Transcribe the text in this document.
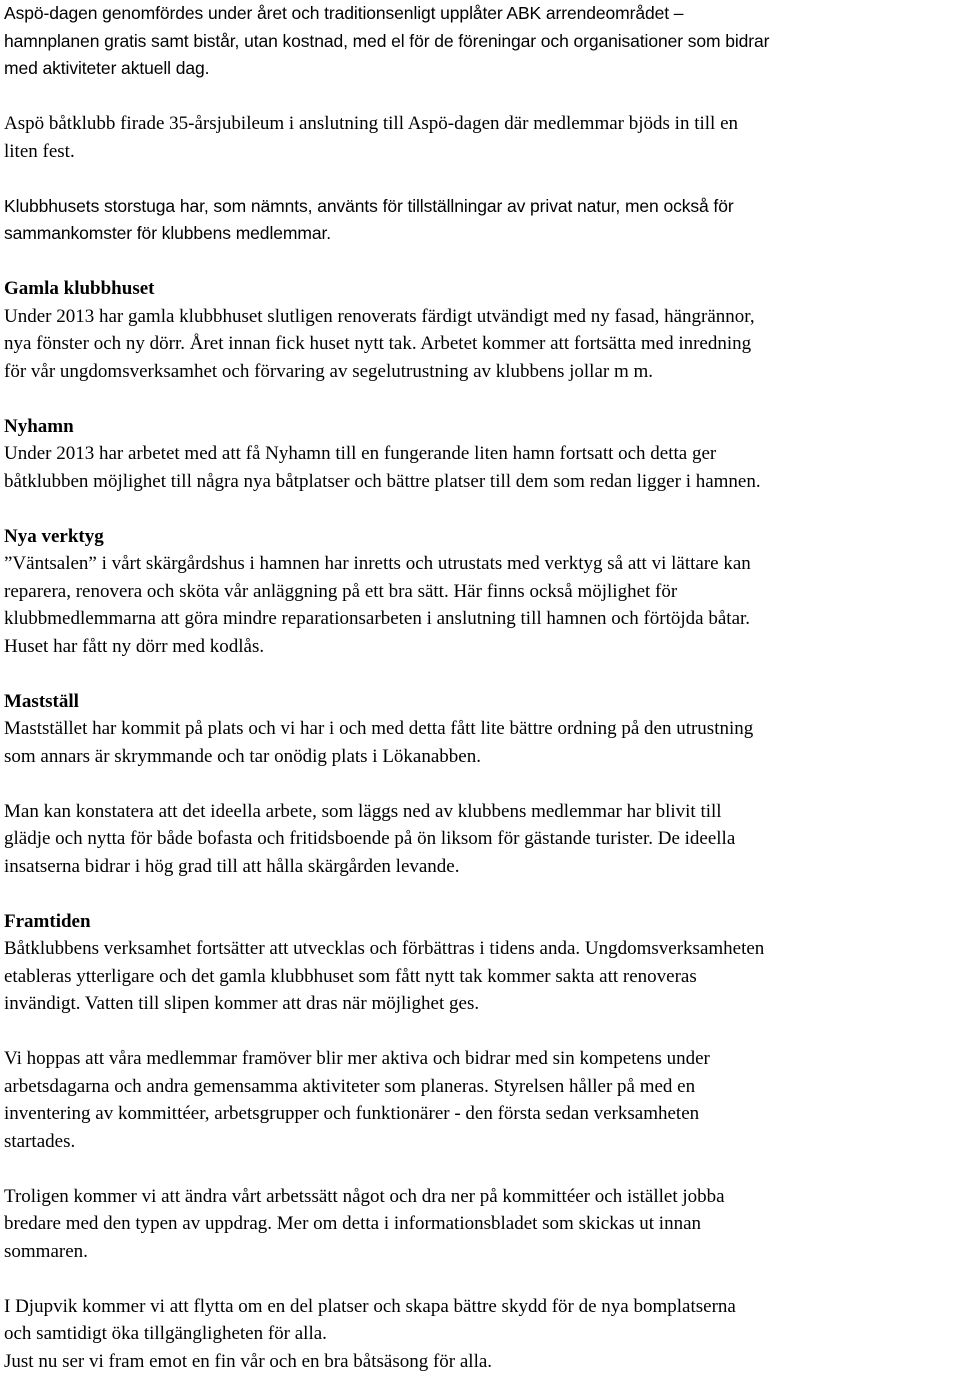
Aspö-dagen genomfördes under året och traditionsenligt upplåter ABK arrendeområdet –
hamnplanen gratis samt bistår, utan kostnad, med el för de föreningar och organisationer som bidrar
med aktiviteter aktuell dag.
Aspö båtklubb firade 35-årsjubileum i anslutning till Aspö-dagen där medlemmar bjöds in till en
liten fest.
Klubbhusets storstuga har, som nämnts, använts för tillställningar av privat natur, men också för
sammankomster för klubbens medlemmar.
Gamla klubbhuset
Under 2013 har gamla klubbhuset slutligen renoverats färdigt utvändigt med ny fasad, hängrännor,
nya fönster och ny dörr. Året innan fick huset nytt tak. Arbetet kommer att fortsätta med inredning
för vår ungdomsverksamhet och förvaring av segelutrustning av klubbens jollar m m.
Nyhamn
Under 2013 har arbetet med att få Nyhamn till en fungerande liten hamn fortsatt och detta ger
båtklubben möjlighet till några nya båtplatser och bättre platser till dem som redan ligger i hamnen.
Nya verktyg
”Väntsalen” i vårt skärgårdshus i hamnen har inretts och utrustats med verktyg så att vi lättare kan
reparera, renovera och sköta vår anläggning på ett bra sätt. Här finns också möjlighet för
klubbmedlemmarna att göra mindre reparationsarbeten i anslutning till hamnen och förtöjda båtar.
Huset har fått ny dörr med kodlås.
Mastställ
Maststället har kommit på plats och vi har i och med detta fått lite bättre ordning på den utrustning
som annars är skrymmande och tar onödig plats i Lökanabben.
Man kan konstatera att det ideella arbete, som läggs ned av klubbens medlemmar har blivit till
glädje och nytta för både bofasta och fritidsboende på ön liksom för gästande turister. De ideella
insatserna bidrar i hög grad till att hålla skärgården levande.
Framtiden
Båtklubbens verksamhet fortsätter att utvecklas och förbättras i tidens anda. Ungdomsverksamheten
etableras ytterligare och det gamla klubbhuset som fått nytt tak kommer sakta att renoveras
invändigt. Vatten till slipen kommer att dras när möjlighet ges.
Vi hoppas att våra medlemmar framöver blir mer aktiva och bidrar med sin kompetens under
arbetsdagarna och andra gemensamma aktiviteter som planeras. Styrelsen håller på med en
inventering av kommittéer, arbetsgrupper och funktionärer - den första sedan verksamheten
startades.
Troligen kommer vi att ändra vårt arbetssätt något och dra ner på kommittéer och istället jobba
bredare med den typen av uppdrag. Mer om detta i informationsbladet som skickas ut innan
sommaren.
I Djupvik kommer vi att flytta om en del platser och skapa bättre skydd för de nya bomplatserna
och samtidigt öka tillgängligheten för alla.
Just nu ser vi fram emot en fin vår och en bra båtsäsong för alla.
